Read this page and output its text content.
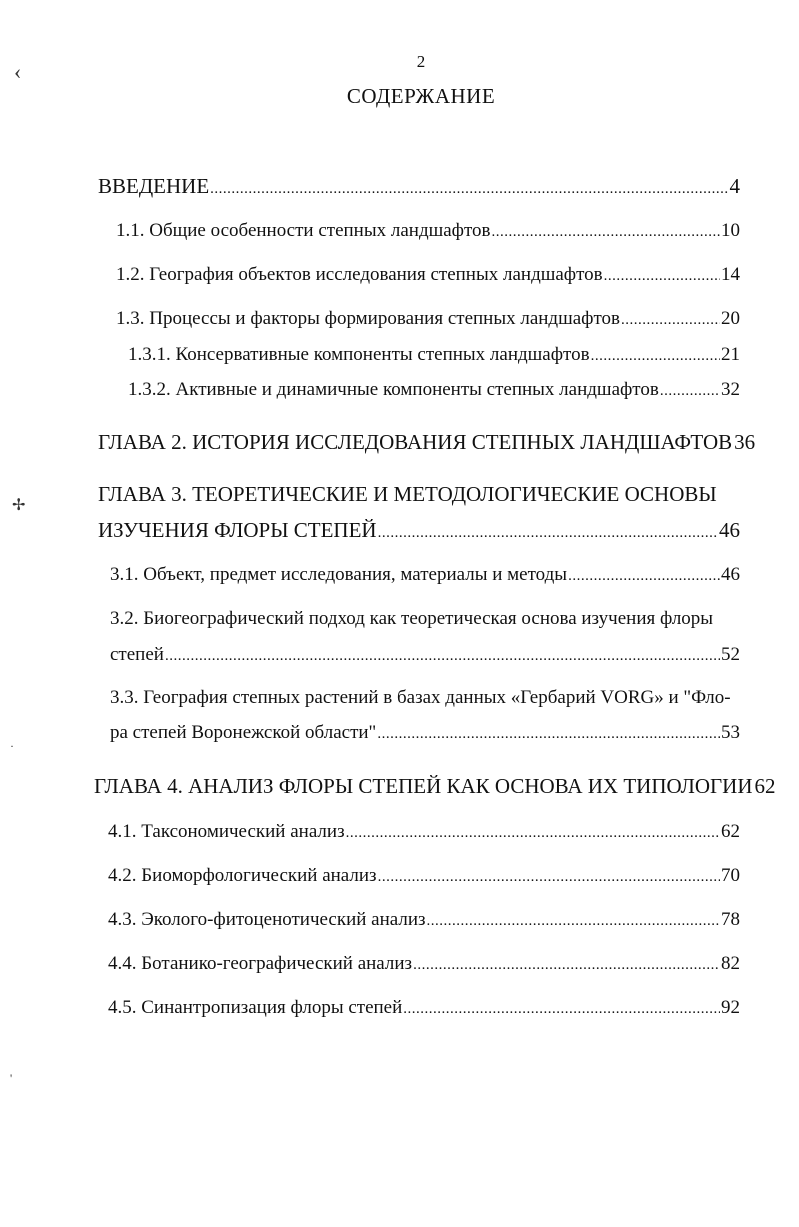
‹
✢
·
'
2
СОДЕРЖАНИЕ
ВВЕДЕНИЕ .....	4
1.1. Общие особенности степных ландшафтов .....	10
1.2. География объектов исследования степных ландшафтов .....	14
1.3. Процессы и факторы формирования степных ландшафтов .....	20
1.3.1. Консервативные компоненты степных ландшафтов .....	21
1.3.2. Активные и динамичные компоненты степных ландшафтов .....	32
ГЛАВА 2. ИСТОРИЯ ИССЛЕДОВАНИЯ СТЕПНЫХ ЛАНДШАФТОВ 36
ГЛАВА 3. ТЕОРЕТИЧЕСКИЕ И МЕТОДОЛОГИЧЕСКИЕ ОСНОВЫ
ИЗУЧЕНИЯ ФЛОРЫ СТЕПЕЙ .....	46
3.1. Объект, предмет исследования, материалы и методы .....	46
3.2. Биогеографический подход как теоретическая основа изучения флоры
степей .....	52
3.3. География степных растений в базах данных «Гербарий VORG» и "Фло-
ра степей Воронежской области" .....	53
ГЛАВА 4. АНАЛИЗ ФЛОРЫ СТЕПЕЙ КАК ОСНОВА ИХ ТИПОЛОГИИ 62
4.1. Таксономический анализ .....	62
4.2. Биоморфологический анализ .....	70
4.3. Эколого-фитоценотический анализ .....	78
4.4. Ботанико-географический анализ .....	82
4.5. Синантропизация флоры степей .....	92
